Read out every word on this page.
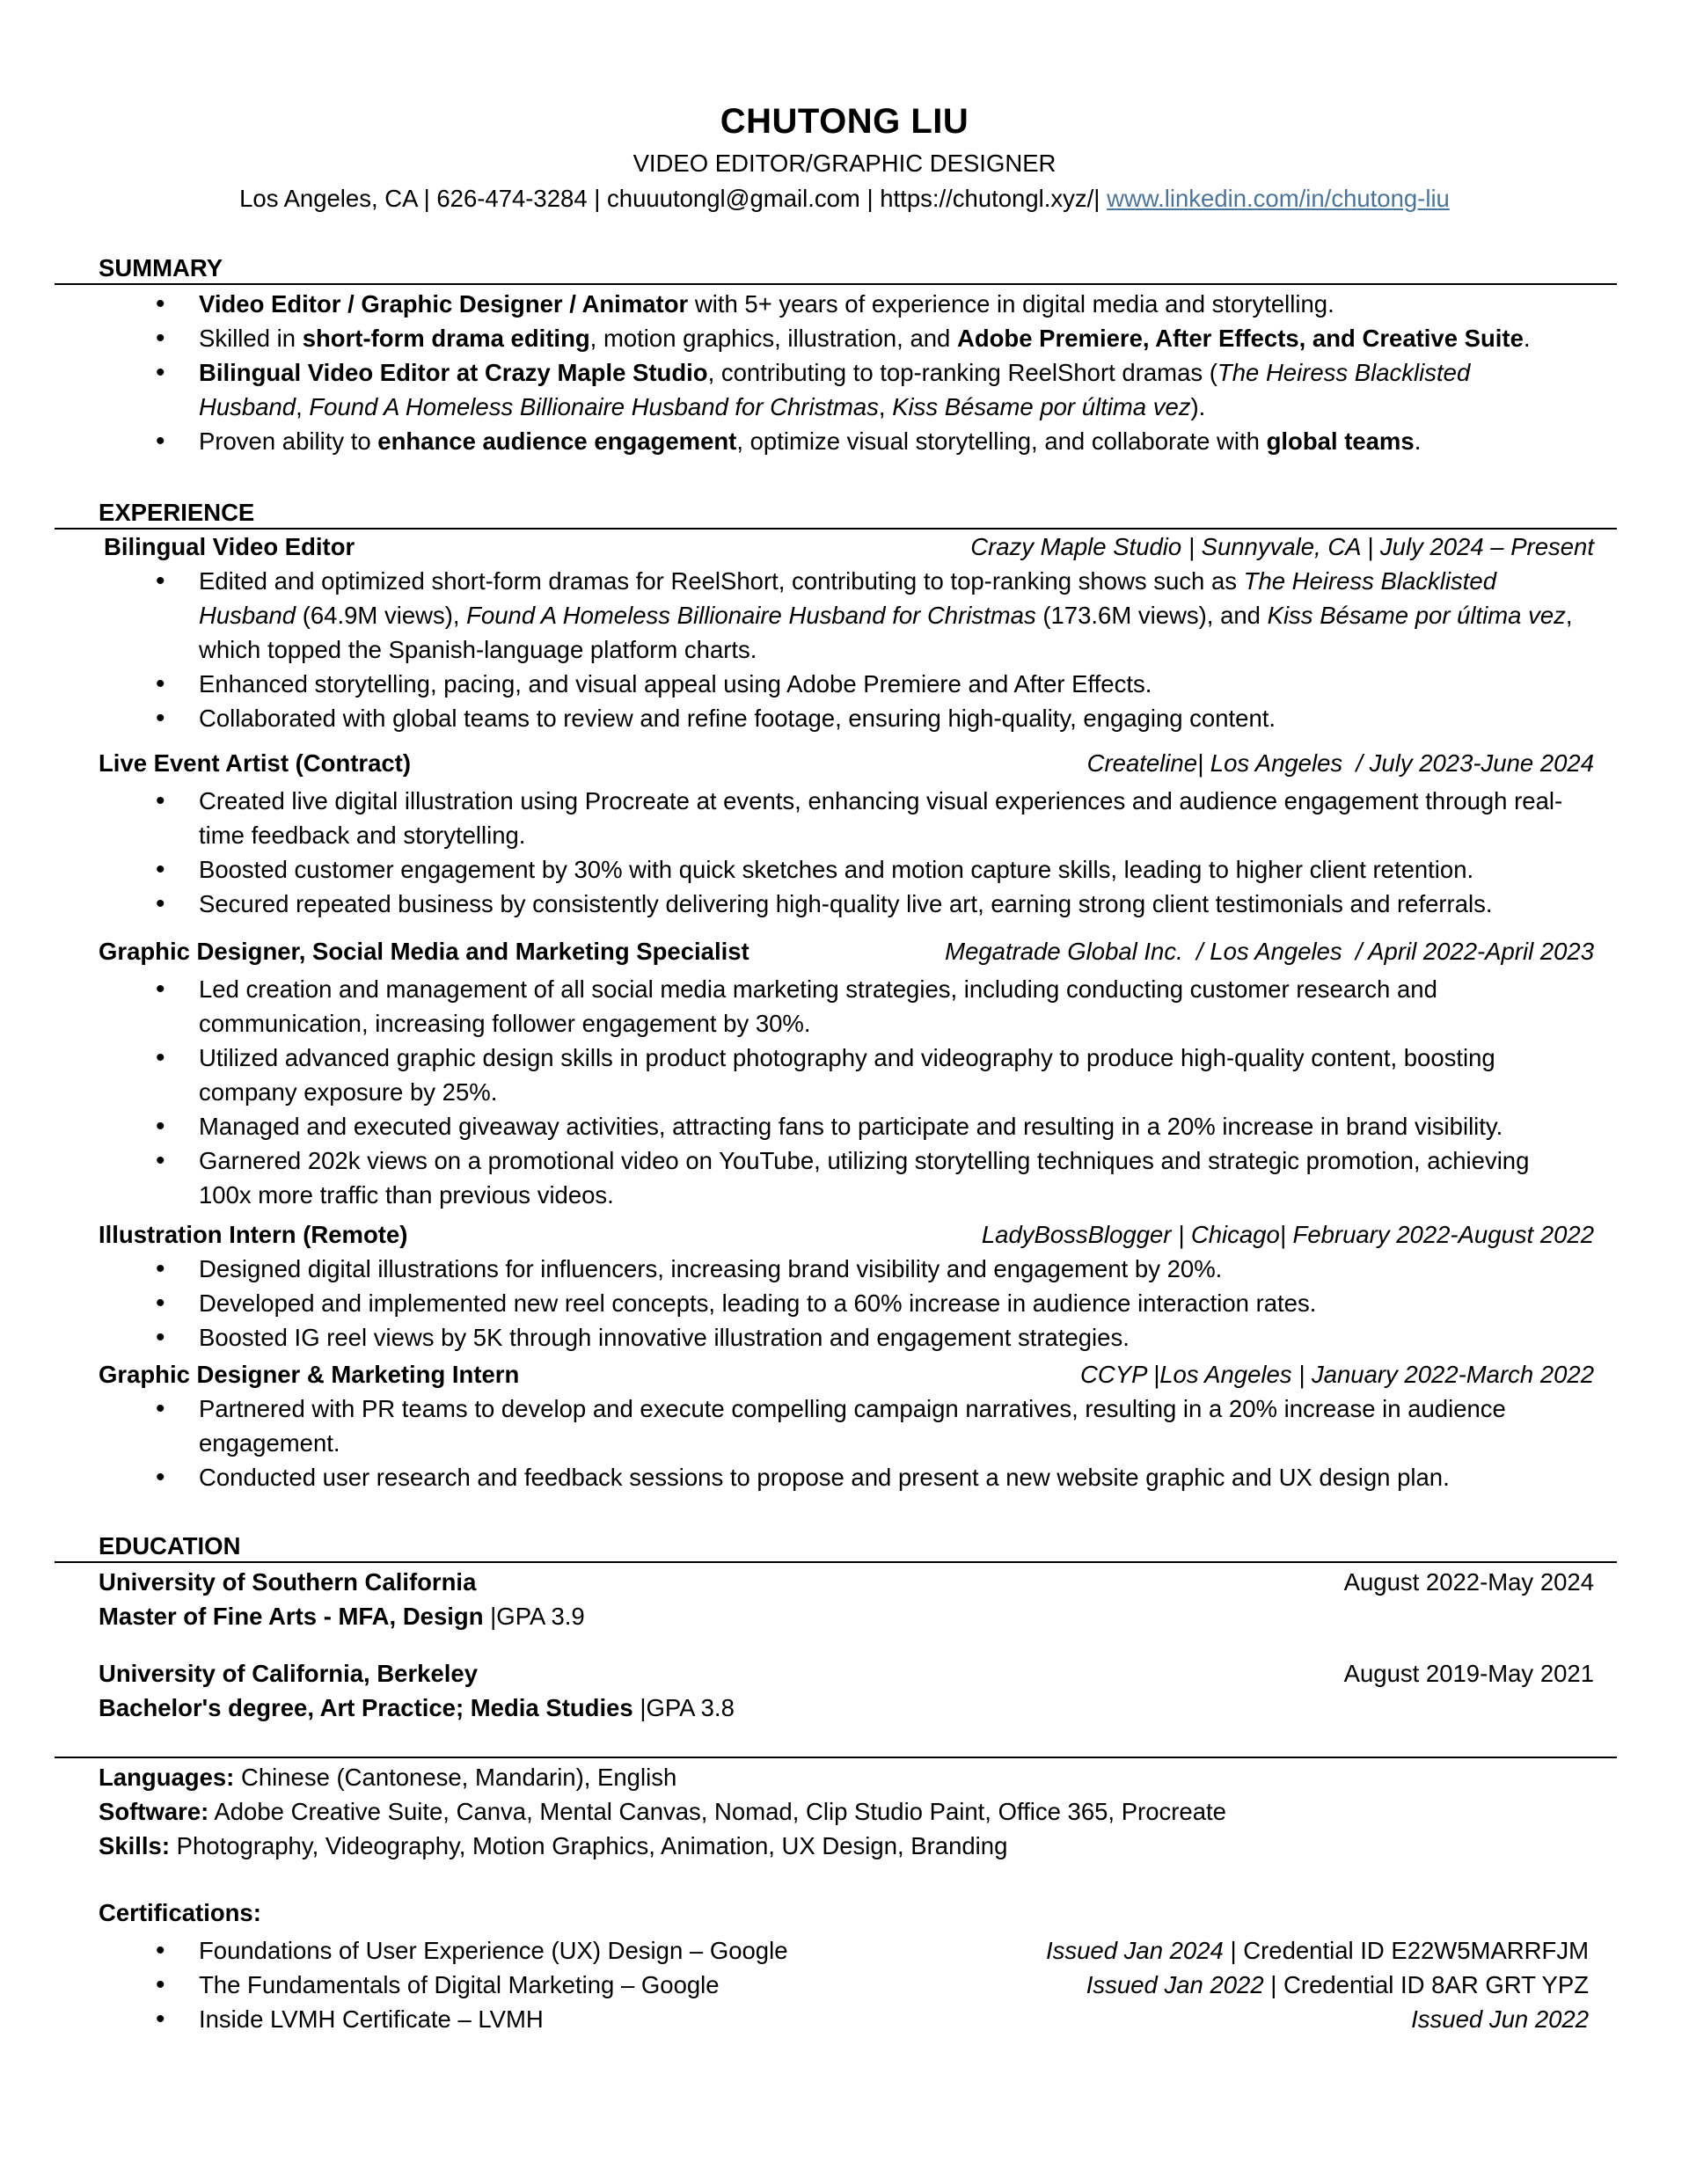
CHUTONG LIU
VIDEO EDITOR/GRAPHIC DESIGNER
Los Angeles, CA | 626-474-3284 | chuuutongl@gmail.com | https://chutongl.xyz/| www.linkedin.com/in/chutong-liu
SUMMARY
• Video Editor / Graphic Designer / Animator with 5+ years of experience in digital media and storytelling.
• Skilled in short-form drama editing, motion graphics, illustration, and Adobe Premiere, After Effects, and Creative Suite.
• Bilingual Video Editor at Crazy Maple Studio, contributing to top-ranking ReelShort dramas (The Heiress Blacklisted Husband, Found A Homeless Billionaire Husband for Christmas, Kiss Bésame por última vez).
• Proven ability to enhance audience engagement, optimize visual storytelling, and collaborate with global teams.
EXPERIENCE
Bilingual Video Editor	Crazy Maple Studio | Sunnyvale, CA | July 2024 – Present
• Edited and optimized short-form dramas for ReelShort, contributing to top-ranking shows such as The Heiress Blacklisted Husband (64.9M views), Found A Homeless Billionaire Husband for Christmas (173.6M views), and Kiss Bésame por última vez, which topped the Spanish-language platform charts.
• Enhanced storytelling, pacing, and visual appeal using Adobe Premiere and After Effects.
• Collaborated with global teams to review and refine footage, ensuring high-quality, engaging content.
Live Event Artist (Contract)	Createline| Los Angeles  / July 2023-June 2024
• Created live digital illustration using Procreate at events, enhancing visual experiences and audience engagement through real-time feedback and storytelling.
• Boosted customer engagement by 30% with quick sketches and motion capture skills, leading to higher client retention.
• Secured repeated business by consistently delivering high-quality live art, earning strong client testimonials and referrals.
Graphic Designer, Social Media and Marketing Specialist	Megatrade Global Inc.  / Los Angeles  / April 2022-April 2023
• Led creation and management of all social media marketing strategies, including conducting customer research and communication, increasing follower engagement by 30%.
• Utilized advanced graphic design skills in product photography and videography to produce high-quality content, boosting company exposure by 25%.
• Managed and executed giveaway activities, attracting fans to participate and resulting in a 20% increase in brand visibility.
• Garnered 202k views on a promotional video on YouTube, utilizing storytelling techniques and strategic promotion, achieving 100x more traffic than previous videos.
Illustration Intern (Remote)	LadyBossBlogger | Chicago| February 2022-August 2022
• Designed digital illustrations for influencers, increasing brand visibility and engagement by 20%.
• Developed and implemented new reel concepts, leading to a 60% increase in audience interaction rates.
• Boosted IG reel views by 5K through innovative illustration and engagement strategies.
Graphic Designer & Marketing Intern	CCYP |Los Angeles | January 2022-March 2022
• Partnered with PR teams to develop and execute compelling campaign narratives, resulting in a 20% increase in audience engagement.
• Conducted user research and feedback sessions to propose and present a new website graphic and UX design plan.
EDUCATION
University of Southern California	August 2022-May 2024
Master of Fine Arts - MFA, Design |GPA 3.9
University of California, Berkeley	August 2019-May 2021
Bachelor's degree, Art Practice; Media Studies |GPA 3.8
Languages: Chinese (Cantonese, Mandarin), English
Software: Adobe Creative Suite, Canva, Mental Canvas, Nomad, Clip Studio Paint, Office 365, Procreate
Skills: Photography, Videography, Motion Graphics, Animation, UX Design, Branding
Certifications:
• Foundations of User Experience (UX) Design – Google	Issued Jan 2024 | Credential ID E22W5MARRFJM
• The Fundamentals of Digital Marketing – Google	Issued Jan 2022 | Credential ID 8AR GRT YPZ
• Inside LVMH Certificate – LVMH	Issued Jun 2022
